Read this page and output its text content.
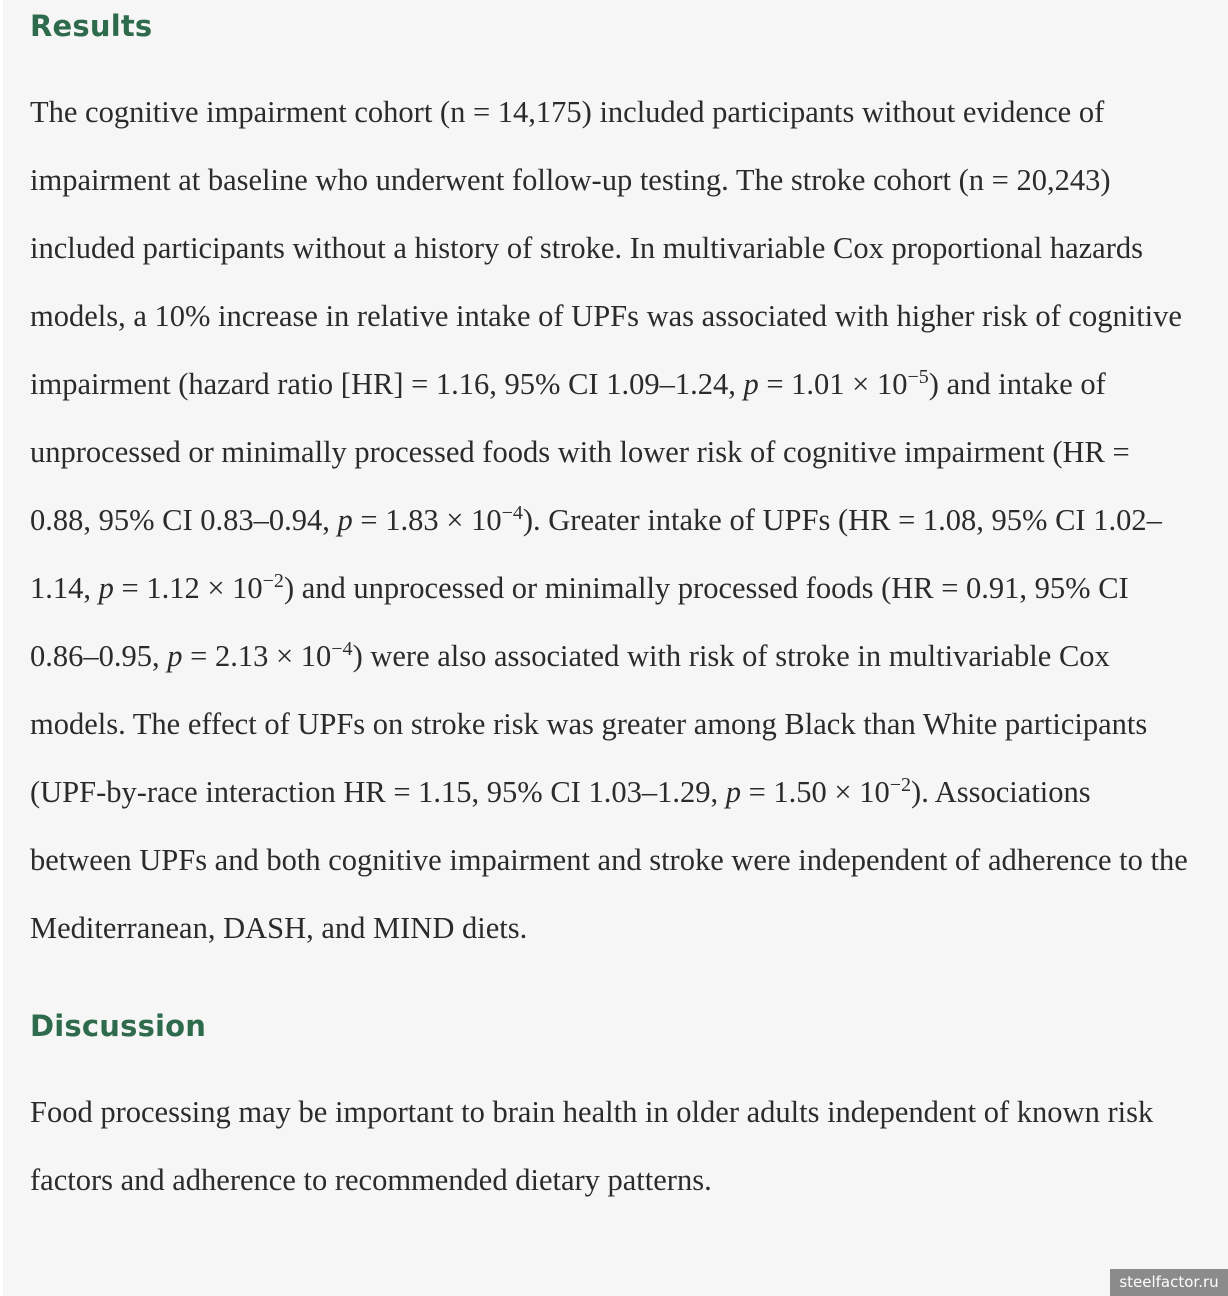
Results

The cognitive impairment cohort (n = 14,175) included participants without evidence of impairment at baseline who underwent follow-up testing. The stroke cohort (n = 20,243) included participants without a history of stroke. In multivariable Cox proportional hazards models, a 10% increase in relative intake of UPFs was associated with higher risk of cognitive impairment (hazard ratio [HR] = 1.16, 95% CI 1.09–1.24, $p = 1.01 \times 10^{-5}$) and intake of unprocessed or minimally processed foods with lower risk of cognitive impairment (HR = 0.88, 95% CI 0.83–0.94, $p = 1.83 \times 10^{-4}$). Greater intake of UPFs (HR = 1.08, 95% CI 1.02–1.14, $p = 1.12 \times 10^{-2}$) and unprocessed or minimally processed foods (HR = 0.91, 95% CI 0.86–0.95, $p = 2.13 \times 10^{-4}$) were also associated with risk of stroke in multivariable Cox models. The effect of UPFs on stroke risk was greater among Black than White participants (UPF-by-race interaction HR = 1.15, 95% CI 1.03–1.29, $p = 1.50 \times 10^{-2}$). Associations between UPFs and both cognitive impairment and stroke were independent of adherence to the Mediterranean, DASH, and MIND diets.

Discussion

Food processing may be important to brain health in older adults independent of known risk factors and adherence to recommended dietary patterns.

steelfactor.ru
